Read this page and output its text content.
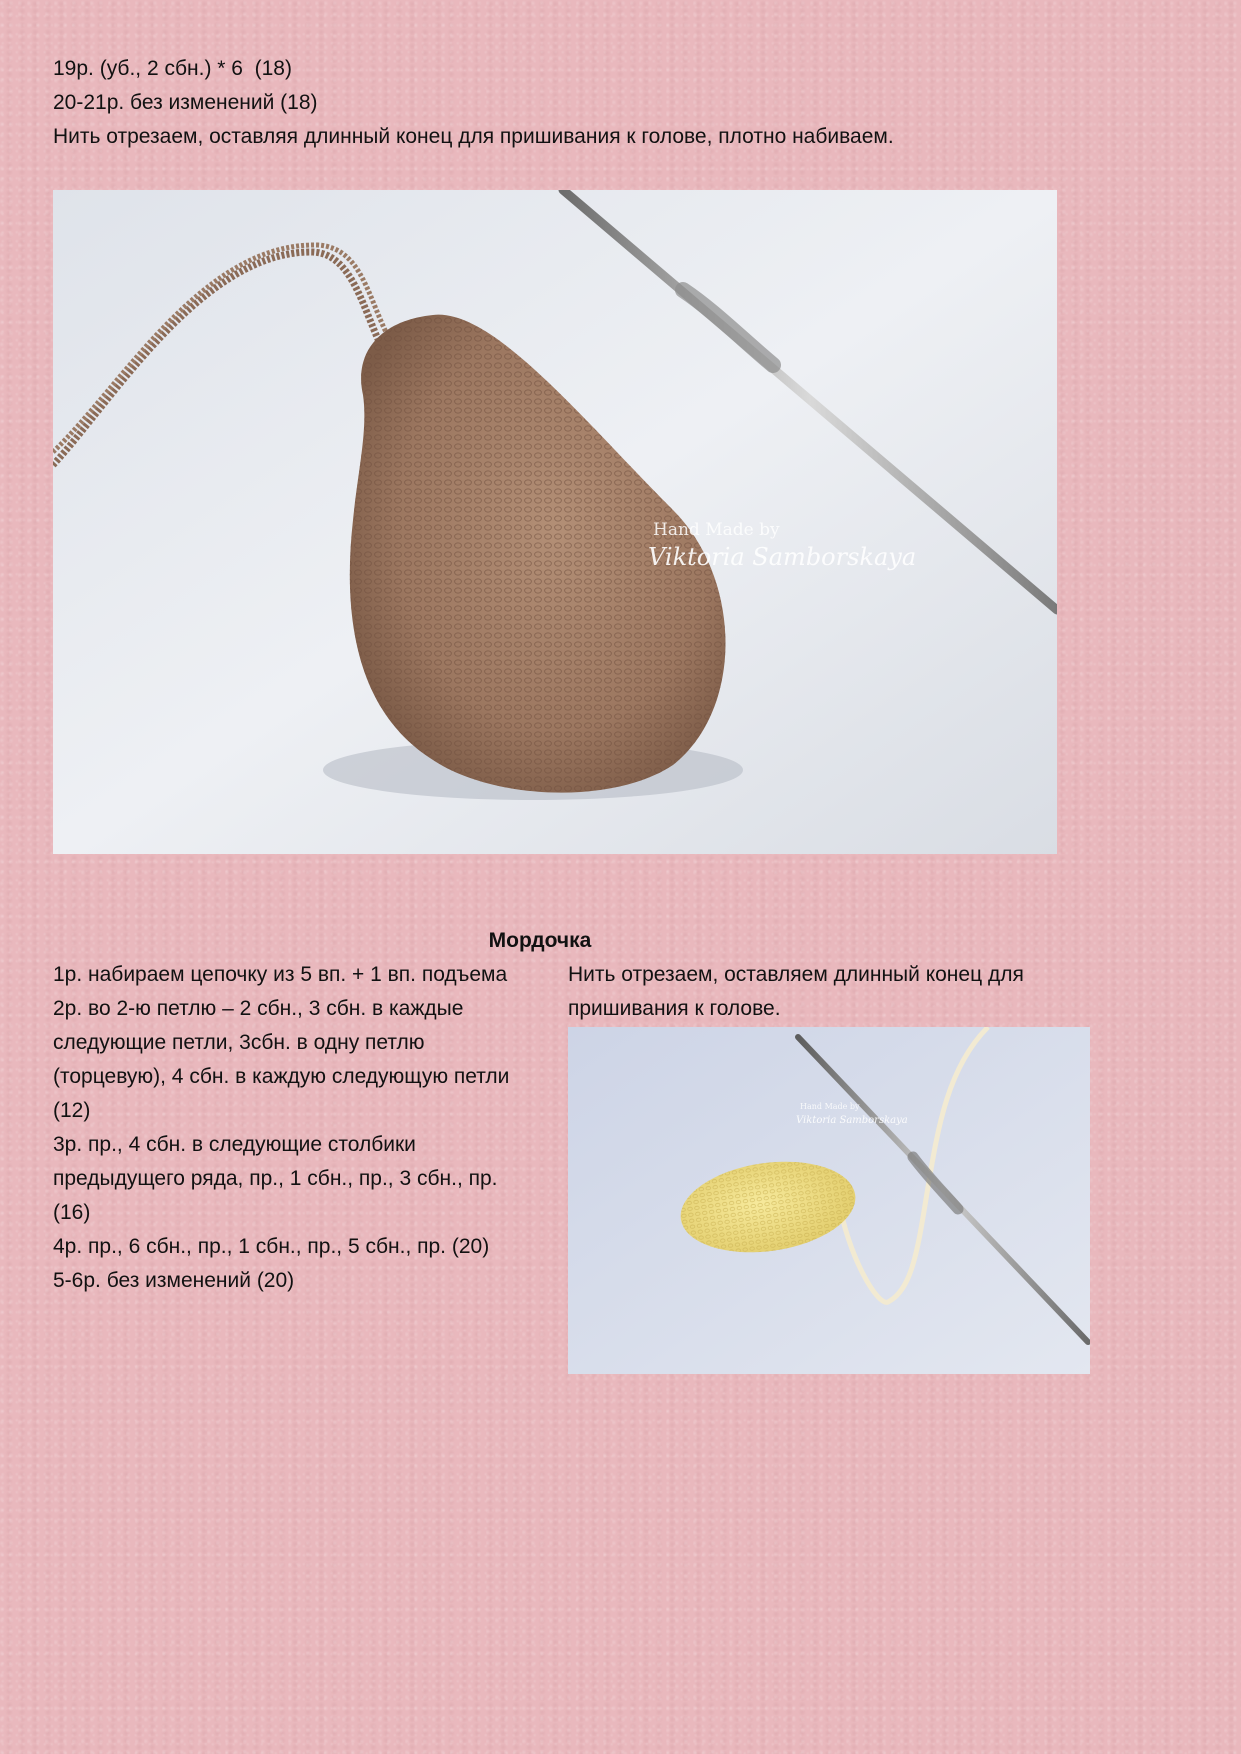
19р. (уб., 2 сбн.) * 6  (18)
20-21р. без изменений (18)
Нить отрезаем, оставляя длинный конец для пришивания к голове, плотно набиваем.
Hand Made by
Viktoria Samborskaya
Мордочка
1р. набираем цепочку из 5 вп. + 1 вп. подъема
2р. во 2-ю петлю – 2 сбн., 3 сбн. в каждые следующие петли, 3сбн. в одну петлю (торцевую), 4 сбн. в каждую следующую петли   (12)
3р. пр., 4 сбн. в следующие столбики предыдущего ряда, пр., 1 сбн., пр., 3 сбн., пр.   (16)
4р. пр., 6 сбн., пр., 1 сбн., пр., 5 сбн., пр. (20)
5-6р. без изменений (20)
Нить отрезаем, оставляем длинный конец для пришивания к голове.
Hand Made by
Viktoria Samborskaya
